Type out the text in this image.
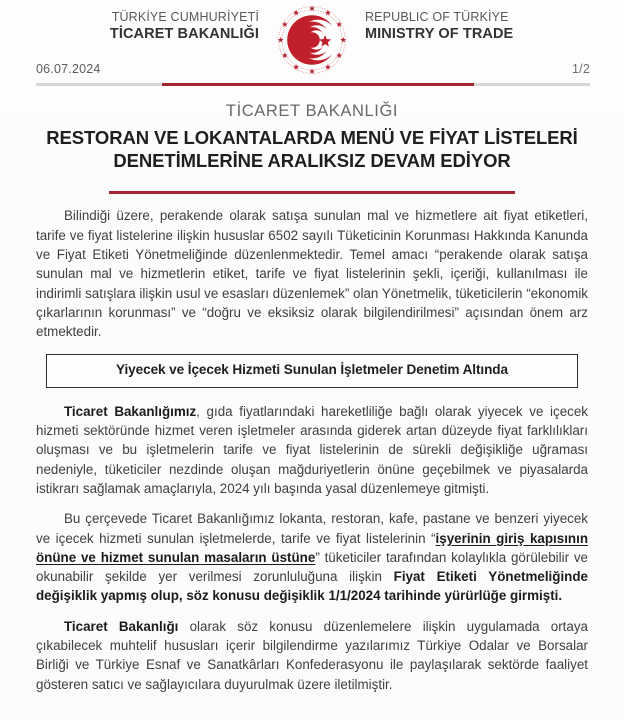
TÜRKİYE CUMHURİYETİ
TİCARET BAKANLIĞI
REPUBLIC OF TÜRKİYE
MINISTRY OF TRADE
06.07.2024	1/2
TİCARET BAKANLIĞI
RESTORAN VE LOKANTALARDA MENÜ VE FİYAT LİSTELERİ DENETİMLERİNE ARALIKSIZ DEVAM EDİYOR

Bilindiği üzere, perakende olarak satışa sunulan mal ve hizmetlere ait fiyat etiketleri, tarife ve fiyat listelerine ilişkin hususlar 6502 sayılı Tüketicinin Korunması Hakkında Kanunda ve Fiyat Etiketi Yönetmeliğinde düzenlenmektedir. Temel amacı “perakende olarak satışa sunulan mal ve hizmetlerin etiket, tarife ve fiyat listelerinin şekli, içeriği, kullanılması ile indirimli satışlara ilişkin usul ve esasları düzenlemek” olan Yönetmelik, tüketicilerin “ekonomik çıkarlarının korunması” ve “doğru ve eksiksiz olarak bilgilendirilmesi” açısından önem arz etmektedir.

Yiyecek ve İçecek Hizmeti Sunulan İşletmeler Denetim Altında

Ticaret Bakanlığımız, gıda fiyatlarındaki hareketliliğe bağlı olarak yiyecek ve içecek hizmeti sektöründe hizmet veren işletmeler arasında giderek artan düzeyde fiyat farklılıkları oluşması ve bu işletmelerin tarife ve fiyat listelerinin de sürekli değişikliğe uğraması nedeniyle, tüketiciler nezdinde oluşan mağduriyetlerin önüne geçebilmek ve piyasalarda istikrarı sağlamak amaçlarıyla, 2024 yılı başında yasal düzenlemeye gitmişti.

Bu çerçevede Ticaret Bakanlığımız lokanta, restoran, kafe, pastane ve benzeri yiyecek ve içecek hizmeti sunulan işletmelerde, tarife ve fiyat listelerinin “işyerinin giriş kapısının önüne ve hizmet sunulan masaların üstüne” tüketiciler tarafından kolaylıkla görülebilir ve okunabilir şekilde yer verilmesi zorunluluğuna ilişkin Fiyat Etiketi Yönetmeliğinde değişiklik yapmış olup, söz konusu değişiklik 1/1/2024 tarihinde yürürlüğe girmişti.

Ticaret Bakanlığı olarak söz konusu düzenlemelere ilişkin uygulamada ortaya çıkabilecek muhtelif hususları içerir bilgilendirme yazılarımız Türkiye Odalar ve Borsalar Birliği ve Türkiye Esnaf ve Sanatkârları Konfederasyonu ile paylaşılarak sektörde faaliyet gösteren satıcı ve sağlayıcılara duyurulmak üzere iletilmiştir.
